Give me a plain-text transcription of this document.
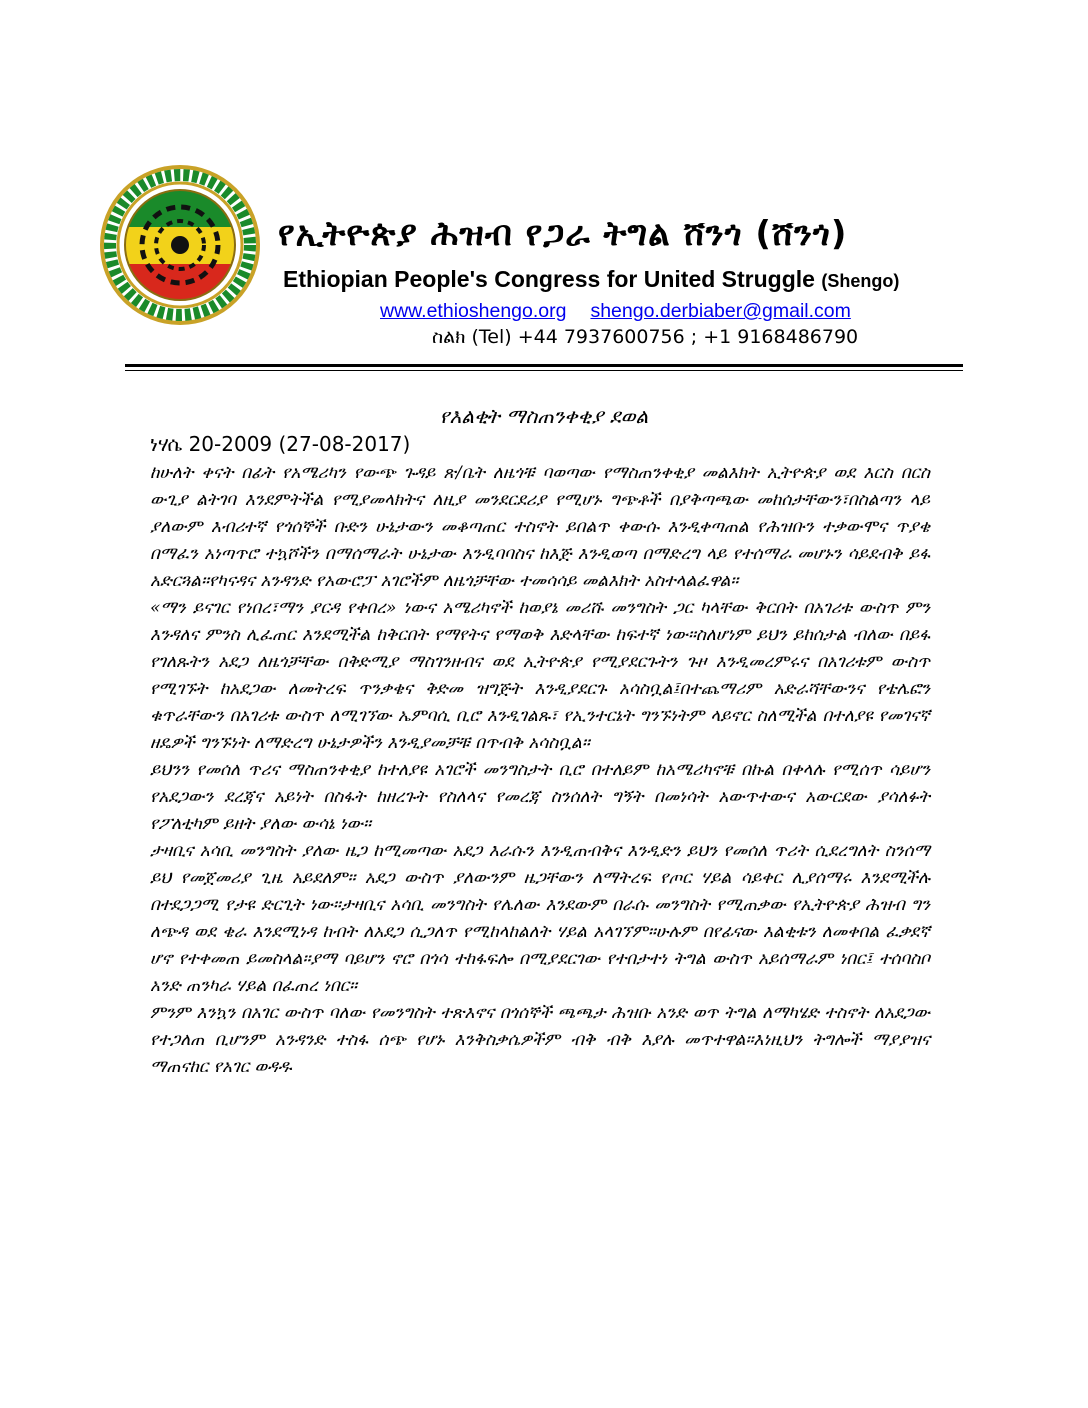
የኢትዮጵያ ሕዝብ የጋራ ትግል ሸንጎ (ሸንጎ)
Ethiopian People's Congress for United Struggle (Shengo)
www.ethioshengo.org shengo.derbiaber@gmail.com
ስልክ (Tel) +44 7937600756 ; +1 9168486790
የእልቂት ማስጠንቀቂያ ደወል
ነሃሴ 20-2009 (27-08-2017)

ከሁለት ቀናት በፊት የአሜሪካን የውጭ ጉዳይ ጽ/ቤት ለዜጎቹ ባወጣው የማስጠንቀቂያ መልእክት ኢትዮጵያ ወደ እርስ በርስ ውጊያ ልትገባ እንደምትችል የሚያመላክትና ለዚያ መንደርደሪያ የሚሆኑ ግጭቶች በያቅጣጫው መከሰታቸውን፣በስልጣን ላይ ያለውም እብሪተኛ የጎሰኞች ቡድን ሁኔታውን መቆጣጠር ተስኖት ይበልጥ ቀውሱ እንዲቀጣጠል የሕዝቡን ተቃውሞና ጥያቄ በማፈን አነጣጥሮ ተኳሾችን በማሰማራት ሁኔታው እንዲባባስና ከእጅ እንዲወጣ በማድረግ ላይ የተሰማራ መሆኑን ሳይደብቅ ይፋ አድርጓል።የካናዳና አንዳንድ የአውሮፓ አገሮችም ለዜጎቻቸው ተመሳሳይ መልእክት አስተላልፈዋል።

«ማን ይናገር የነበረ፣ማን ያርዳ የቀበረ» ነውና አሜሪካኖች ከወያኔ መሪሹ መንግስት ጋር ካላቸው ቅርበት በአገሪቱ ውስጥ ምን እንዳለና ምንስ ሊፈጠር እንደሚችል ከቅርበት የማየትና የማወቅ እድላቸው ከፍተኛ ነው።ስለሆነም ይህን ይከሰታል ብለው በይፋ የገለጹትን አደጋ ለዜጎቻቸው በቅድሚያ ማስገንዘብና ወደ ኢትዮጵያ የሚያደርጉትን ጉዞ እንዲመረምሩና በአገሪቱም ውስጥ የሚገኙት ከአደጋው ለመትረፍ ጥንቃቄና ቅድመ ዝግጅት እንዲያደርጉ አሳስቧል፤በተጨማሪም አድራሻቸውንና የቴሌፎን ቁጥራቸውን በአገሪቱ ውስጥ ለሚገኘው ኤምባሲ ቢሮ እንዲገልጹ፣ የኢንተርኔት ግንኙነትም ላይኖር ስለሚችል በተለያዩ የመገናኛ ዘዴዎች ግንኙነት ለማድረግ ሁኔታዎችን እንዲያመቻቹ በጥብቅ አሳስቧል።

ይህንን የመሰለ ጥሪና ማስጠንቀቂያ ከተለያዩ አገሮች መንግስታት ቢሮ በተለይም ከአሜሪካኖቹ በኩል በቀላሉ የሚሰጥ ሳይሆን የአደጋውን ደረጃና አይነት በስፋት ከዘረጉት የስለላና የመረጃ ስንሰለት ግኝት በመነሳት አውጥተውና አውርደው ያሳለፉት የፖለቲካም ይዘት ያለው ውሳኔ ነው።

ታዛቢና አሳቢ መንግስት ያለው ዜጋ ከሚመጣው አደጋ እራሱን እንዲጠብቅና እንዲድን ይህን የመሰለ ጥሪት ሲደረግለት ስንሰማ ይህ የመጀመሪያ ጊዜ አይደለም። አደጋ ውስጥ ያለውንም ዜጋቸውን ለማትረፍ የጦር ሃይል ሳይቀር ሊያሰማሩ እንደሚችሉ በተደጋጋሚ የታዩ ድርጊት ነው።ታዛቢና አሳቢ መንግስት የሌለው እንደውም በራሱ መንግስት የሚጠቃው የኢትዮጵያ ሕዝብ ግን ለጭዳ ወደ ቄራ እንደሚነዳ ከብት ለአደጋ ሲጋለጥ የሚከላከልለት ሃይል አላገኘም።ሁሉም በየፊናው እልቂቱን ለመቀበል ፈቃደኛ ሆኖ የተቀመጠ ይመስላል።ያማ ባይሆን ኖሮ በጎሳ ተከፋፍሎ በሚያደርገው የተበታተነ ትግል ውስጥ አይሰማራም ነበር፤ ተሰባስቦ አንድ ጠንካራ ሃይል በፈጠረ ነበር።

ምንም እንኳን በአገር ውስጥ ባለው የመንግስት ተጽእኖና በጎሰኞች ጫጫታ ሕዝቡ አንድ ወጥ ትግል ለማካሄድ ተስኖት ለአደጋው የተጋለጠ ቢሆንም አንዳንድ ተስፋ ሰጭ የሆኑ እንቅስቃሴዎችም ብቅ ብቅ እያሉ መጥተዋል።እነዚህን ትግሎች ማያያዝና ማጠናከር የአገር ወዳዱ
